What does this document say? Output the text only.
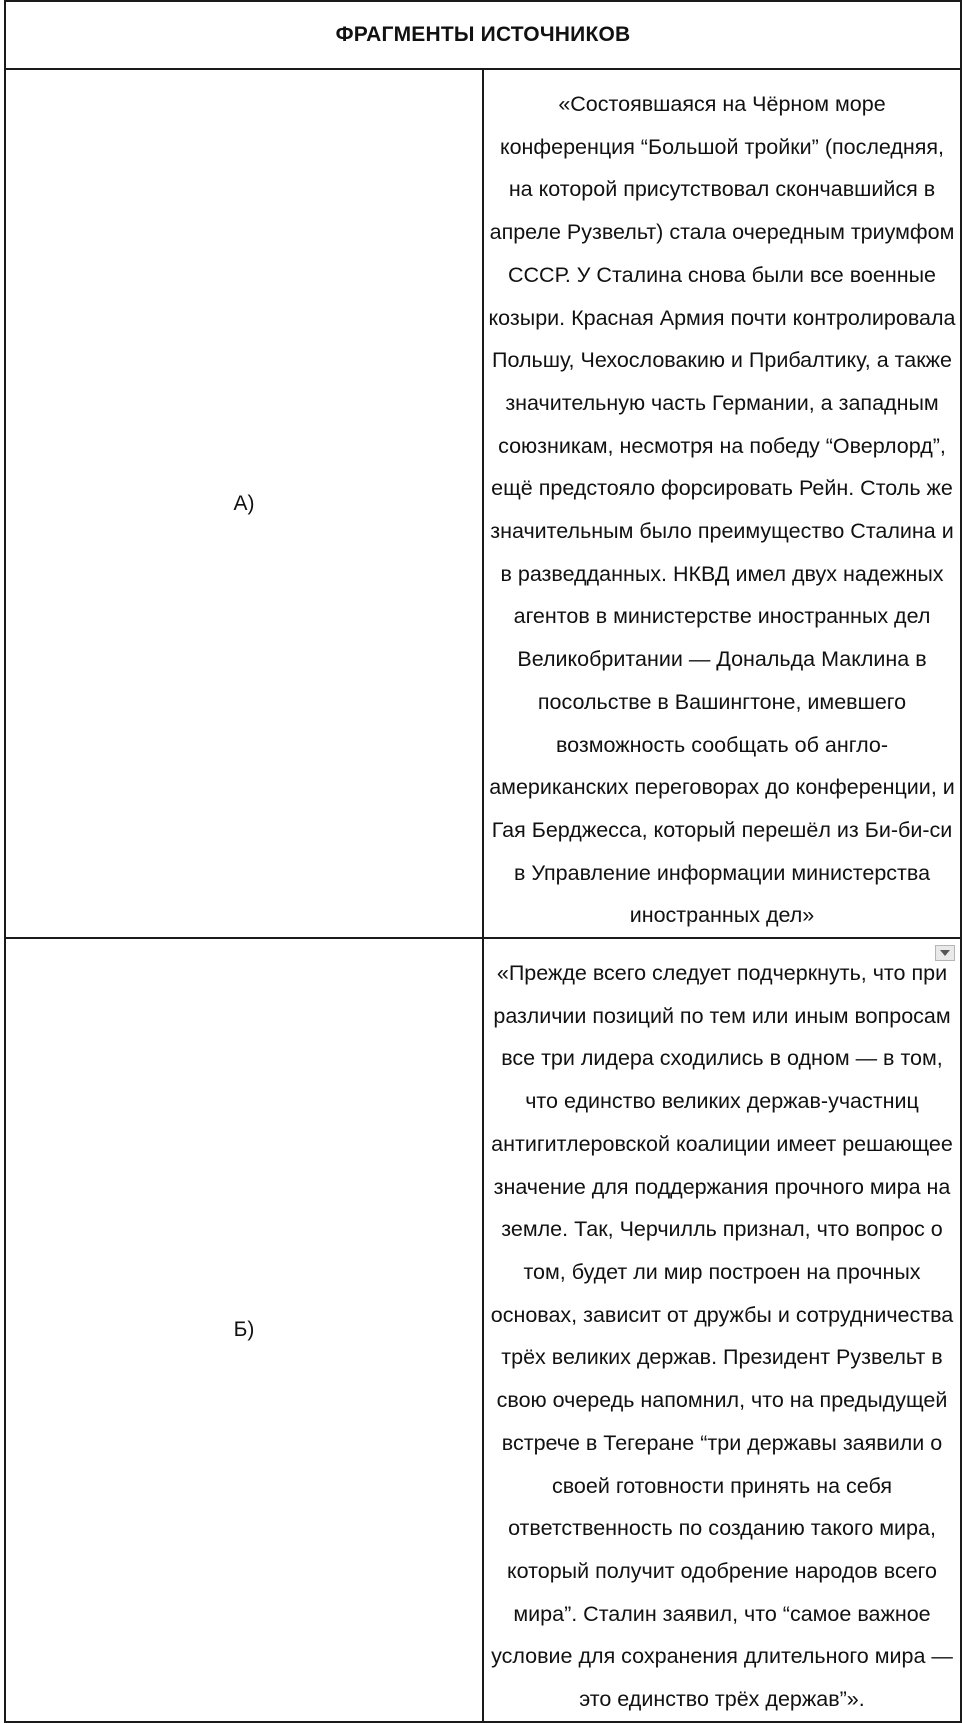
ФРАГМЕНТЫ ИСТОЧНИКОВ	
А)	«Состоявшаяся на Чёрном море конференция “Большой тройки” (последняя, на которой присутствовал скончавшийся в апреле Рузвельт) стала очередным триумфом СССР. У Сталина снова были все военные козыри. Красная Армия почти контролировала Польшу, Чехословакию и Прибалтику, а также значительную часть Германии, а западным союзникам, несмотря на победу “Оверлорд”, ещё предстояло форсировать Рейн. Столь же значительным было преимущество Сталина и в разведданных. НКВД имел двух надежных агентов в министерстве иностранных дел Великобритании — Дональда Маклина в посольстве в Вашингтоне, имевшего возможность сообщать об англо-американских переговорах до конференции, и Гая Берджесса, который перешёл из Би-би-си в Управление информации министерства иностранных дел»

Б)	«Прежде всего следует подчеркнуть, что при различии позиций по тем или иным вопросам все три лидера сходились в одном — в том, что единство великих держав-участниц антигитлеровской коалиции имеет решающее значение для поддержания прочного мира на земле. Так, Черчилль признал, что вопрос о том, будет ли мир построен на прочных основах, зависит от дружбы и сотрудничества трёх великих держав. Президент Рузвельт в свою очередь напомнил, что на предыдущей встрече в Тегеране “три державы заявили о своей готовности принять на себя ответственность по созданию такого мира, который получит одобрение народов всего мира”. Сталин заявил, что “самое важное условие для сохранения длительного мира — это единство трёх держав”».
